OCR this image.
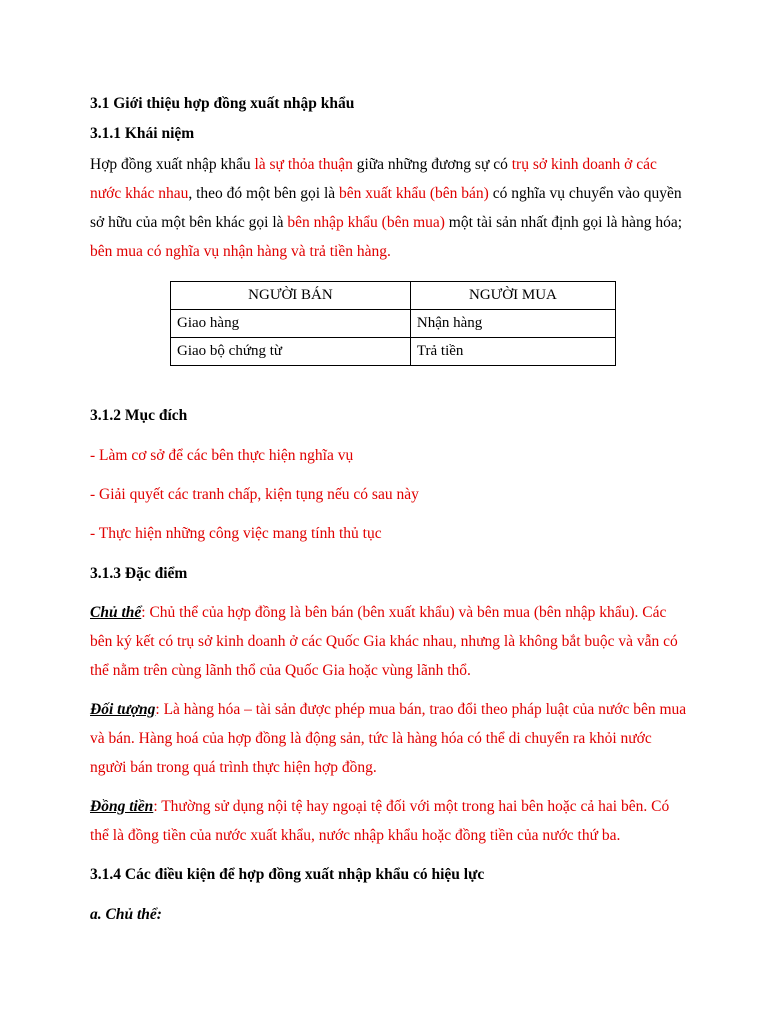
3.1 Giới thiệu hợp đồng xuất nhập khẩu
3.1.1 Khái niệm
Hợp đồng xuất nhập khẩu là sự thỏa thuận giữa những đương sự có trụ sở kinh doanh ở các nước khác nhau, theo đó một bên gọi là bên xuất khẩu (bên bán) có nghĩa vụ chuyển vào quyền sở hữu của một bên khác gọi là bên nhập khẩu (bên mua) một tài sản nhất định gọi là hàng hóa; bên mua có nghĩa vụ nhận hàng và trả tiền hàng.
NGƯỜI BÁN	NGƯỜI MUA
Giao hàng	Nhận hàng
Giao bộ chứng từ	Trả tiền
3.1.2 Mục đích
- Làm cơ sở để các bên thực hiện nghĩa vụ
- Giải quyết các tranh chấp, kiện tụng nếu có sau này
- Thực hiện những công việc mang tính thủ tục
3.1.3 Đặc điểm
Chủ thể: Chủ thể của hợp đồng là bên bán (bên xuất khẩu) và bên mua (bên nhập khẩu). Các bên ký kết có trụ sở kinh doanh ở các Quốc Gia khác nhau, nhưng là không bắt buộc và vẫn có thể nằm trên cùng lãnh thổ của Quốc Gia hoặc vùng lãnh thổ.
Đối tượng: Là hàng hóa – tài sản được phép mua bán, trao đổi theo pháp luật của nước bên mua và bán. Hàng hoá của hợp đồng là động sản, tức là hàng hóa có thể di chuyển ra khỏi nước người bán trong quá trình thực hiện hợp đồng.
Đồng tiền: Thường sử dụng nội tệ hay ngoại tệ đối với một trong hai bên hoặc cả hai bên. Có thể là đồng tiền của nước xuất khẩu, nước nhập khẩu hoặc đồng tiền của nước thứ ba.
3.1.4 Các điều kiện để hợp đồng xuất nhập khẩu có hiệu lực
a. Chủ thể:
